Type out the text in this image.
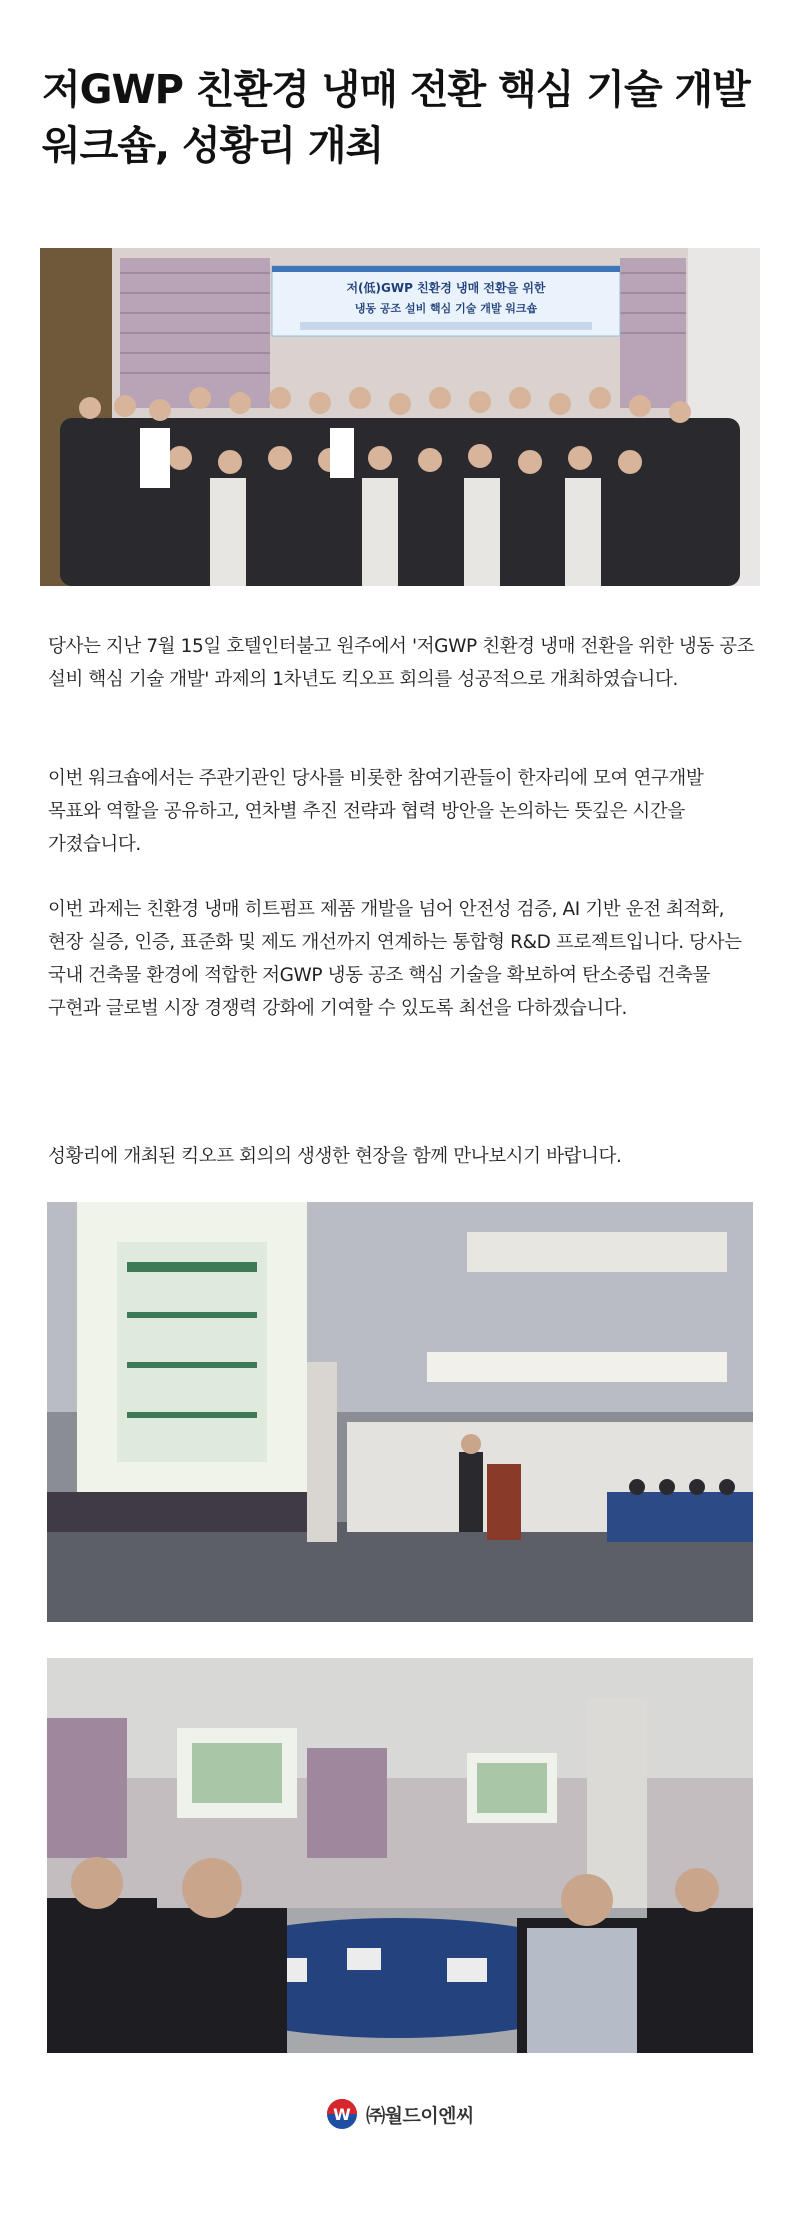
저GWP 친환경 냉매 전환 핵심 기술 개발
워크숍, 성황리 개최
저(低)GWP 친환경 냉매 전환을 위한
냉동 공조 설비 핵심 기술 개발 워크숍

당사는 지난 7월 15일 호텔인터불고 원주에서 '저GWP 친환경 냉매 전환을 위한 냉동 공조 설비 핵심 기술 개발' 과제의 1차년도 킥오프 회의를 성공적으로 개최하였습니다.

이번 워크숍에서는 주관기관인 당사를 비롯한 참여기관들이 한자리에 모여 연구개발 목표와 역할을 공유하고, 연차별 추진 전략과 협력 방안을 논의하는 뜻깊은 시간을 가졌습니다.

이번 과제는 친환경 냉매 히트펌프 제품 개발을 넘어 안전성 검증, AI 기반 운전 최적화, 현장 실증, 인증, 표준화 및 제도 개선까지 연계하는 통합형 R&D 프로젝트입니다. 당사는 국내 건축물 환경에 적합한 저GWP 냉동 공조 핵심 기술을 확보하여 탄소중립 건축물 구현과 글로벌 시장 경쟁력 강화에 기여할 수 있도록 최선을 다하겠습니다.

성황리에 개최된 킥오프 회의의 생생한 현장을 함께 만나보시기 바랍니다.

W ㈜월드이엔씨
